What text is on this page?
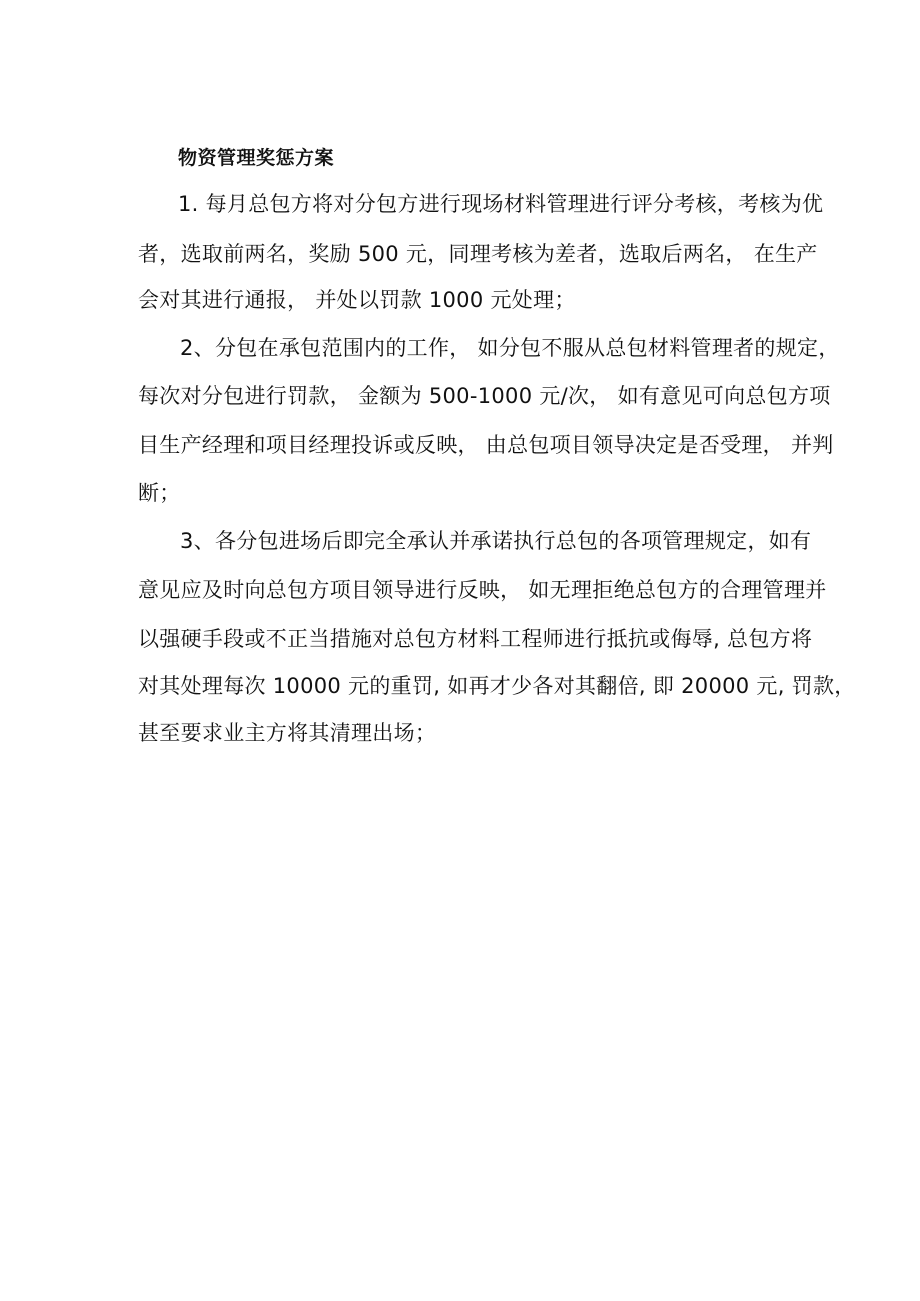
物资管理奖惩方案
1. 每月总包方将对分包方进行现场材料管理进行评分考核，考核为优
者，选取前两名，奖励 500 元，同理考核为差者，选取后两名， 在生产
会对其进行通报， 并处以罚款 1000 元处理；
2、分包在承包范围内的工作， 如分包不服从总包材料管理者的规定，
每次对分包进行罚款， 金额为 500-1000 元/次， 如有意见可向总包方项
目生产经理和项目经理投诉或反映， 由总包项目领导决定是否受理， 并判
断；
3、各分包进场后即完全承认并承诺执行总包的各项管理规定，如有
意见应及时向总包方项目领导进行反映， 如无理拒绝总包方的合理管理并
以强硬手段或不正当措施对总包方材料工程师进行抵抗或侮辱, 总包方将
对其处理每次 10000 元的重罚, 如再才少各对其翻倍, 即 20000 元, 罚款，
甚至要求业主方将其清理出场；
